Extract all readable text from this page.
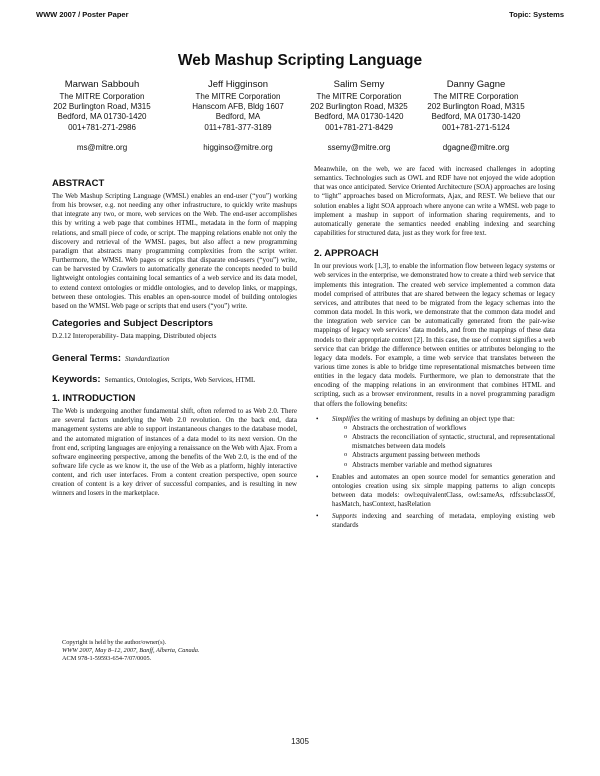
WWW 2007 / Poster Paper	Topic: Systems
Web Mashup Scripting Language
Marwan Sabbouh
The MITRE Corporation
202 Burlington Road, M315
Bedford, MA 01730-1420
001+781-271-2986
ms@mitre.org
Jeff Higginson
The MITRE Corporation
Hanscom AFB, Bldg 1607
Bedford, MA
011+781-377-3189
higginso@mitre.org
Salim Semy
The MITRE Corporation
202 Burlington Road, M325
Bedford, MA 01730-1420
001+781-271-8429
ssemy@mitre.org
Danny Gagne
The MITRE Corporation
202 Burlington Road, M315
Bedford, MA 01730-1420
001+781-271-5124
dgagne@mitre.org
ABSTRACT

The Web Mashup Scripting Language (WMSL) enables an end-user (“you”) working from his browser, e.g. not needing any other infrastructure, to quickly write mashups that integrate any two, or more, web services on the Web. The end-user accomplishes this by writing a web page that combines HTML, metadata in the form of mapping relations, and small piece of code, or script. The mapping relations enable not only the discovery and retrieval of the WMSL pages, but also affect a new programming paradigm that abstracts many programming complexities from the script writer. Furthermore, the WMSL Web pages or scripts that disparate end-users (“you”) write, can be harvested by Crawlers to automatically generate the concepts needed to build lightweight ontologies containing local semantics of a web service and its data model, to extend context ontologies or middle ontologies, and to develop links, or mappings, between these ontologies. This enables an open-source model of building ontologies based on the WMSL Web page or scripts that end users (“you”) write.

Categories and Subject Descriptors

D.2.12 Interoperability- Data mapping, Distributed objects

General Terms: Standardization
Keywords: Semantics, Ontologies, Scripts, Web Services, HTML
1. INTRODUCTION

The Web is undergoing another fundamental shift, often referred to as Web 2.0. There are several factors underlying the Web 2.0 revolution. On the back end, data management systems are able to support instantaneous changes to the database model, and the automated migration of instances of a data model to its next version. On the front end, scripting languages are enjoying a renaissance on the Web with Ajax. From a software engineering perspective, among the benefits of the Web 2.0, is the end of the software life cycle as we know it, the use of the Web as a platform, highly interactive content, and rich user interfaces. From a content creation perspective, open source creation of content is a key driver of successful companies, and is resulting in new winners and losers in the marketplace.

Copyright is held by the author/owner(s).
WWW 2007, May 8–12, 2007, Banff, Alberta, Canada.
ACM 978-1-59593-654-7/07/0005.

Meanwhile, on the web, we are faced with increased challenges in adopting semantics. Technologies such as OWL and RDF have not enjoyed the wide adoption that was once anticipated. Service Oriented Architecture (SOA) approaches are losing to “light” approaches based on Microformats, Ajax, and REST. We believe that our solution enables a light SOA approach where anyone can write a WMSL web page to implement a mashup in support of information sharing requirements, and to automatically generate the semantics needed enabling indexing and searching capabilities for structured data, just as they work for free text.

2. APPROACH

In our previous work [1,3], to enable the information flow between legacy systems or web services in the enterprise, we demonstrated how to create a third web service that implements this integration. The created web service implemented a common data model comprised of attributes that are shared between the legacy schemas or legacy services, and attributes that need to be migrated from the legacy schemas into the common data model. In this work, we demonstrate that the common data model and the integration web service can be automatically generated from the pair-wise mappings of legacy web services’ data models, and from the mappings of these data models to their appropriate context [2]. In this case, the use of context signifies a web service that can bridge the difference between entities or attributes belonging to the legacy data models. For example, a time web service that translates between the various time zones is able to bridge time representational mismatches between time entities in the legacy data models. Furthermore, we plan to demonstrate that the encoding of the mapping relations in an environment that combines HTML and scripting, such as a browser environment, results in a novel programming paradigm that offers the following benefits:

• Simplifies the writing of mashups by defining an object type that:
o Abstracts the orchestration of workflows
o Abstracts the reconciliation of syntactic, structural, and representational mismatches between data models
o Abstracts argument passing between methods
o Abstracts member variable and method signatures
• Enables and automates an open source model for semantics generation and ontologies creation using six simple mapping patterns to align concepts between data models: owl:equivalentClass, owl:sameAs, rdfs:subclassOf, hasMatch, hasContext, hasRelation
• Supports indexing and searching of metadata, employing existing web standards
1305
